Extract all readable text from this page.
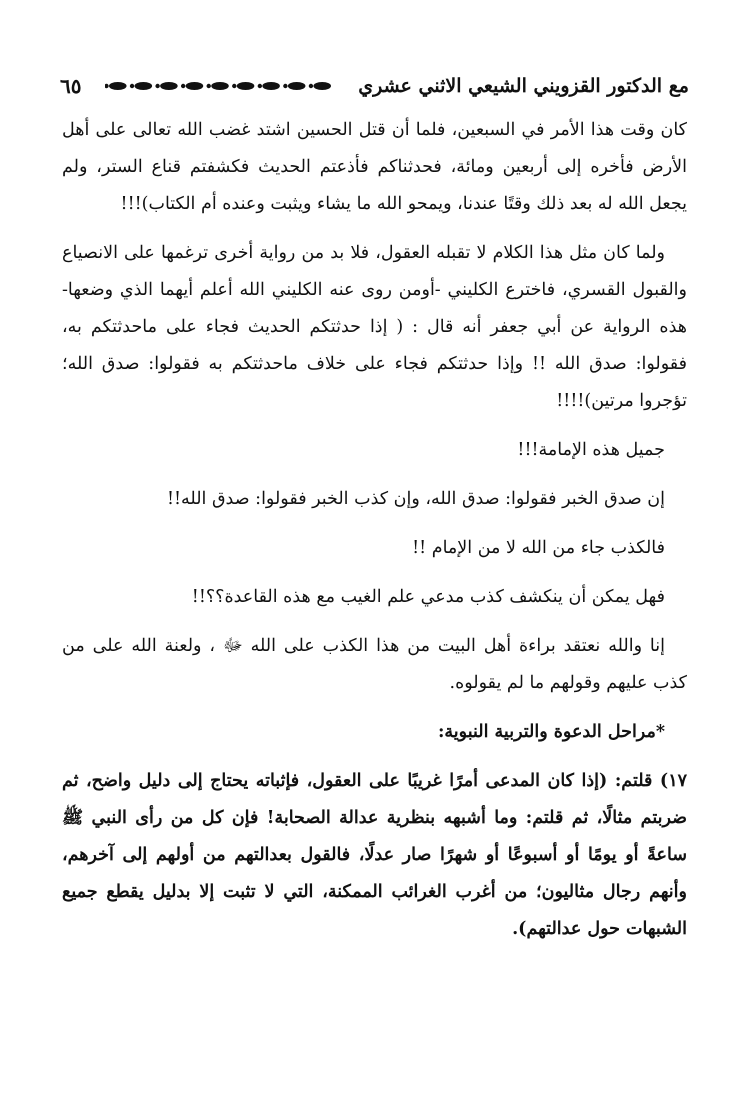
مع الدكتور القزويني الشيعي الاثني عشري
٦٥

كان وقت هذا الأمر في السبعين، فلما أن قتل الحسين اشتد غضب الله تعالى على أهل الأرض فأخره إلى أربعين ومائة، فحدثناكم فأذعتم الحديث فكشفتم قناع الستر، ولم يجعل الله له بعد ذلك وقتًا عندنا، ويمحو الله ما يشاء ويثبت وعنده أم الكتاب)!!!

ولما كان مثل هذا الكلام لا تقبله العقول، فلا بد من رواية أخرى ترغمها على الانصياع والقبول القسري، فاخترع الكليني -أومن روى عنه الكليني الله أعلم أيهما الذي وضعها- هذه الرواية عن أبي جعفر أنه قال : ( إذا حدثتكم الحديث فجاء على ماحدثتكم به، فقولوا: صدق الله !! وإذا حدثتكم فجاء على خلاف ماحدثتكم به فقولوا: صدق الله؛ تؤجروا مرتين)!!!!

جميل هذه الإمامة!!!

إن صدق الخبر فقولوا: صدق الله، وإن كذب الخبر فقولوا: صدق الله!!

فالكذب جاء من الله لا من الإمام !!

فهل يمكن أن ينكشف كذب مدعي علم الغيب مع هذه القاعدة؟؟!!

إنا والله نعتقد براءة أهل البيت من هذا الكذب على الله ﷻ ، ولعنة الله على من كذب عليهم وقولهم ما لم يقولوه.

*مراحل الدعوة والتربية النبوية:

١٧) قلتم: (إذا كان المدعى أمرًا غريبًا على العقول، فإثباته يحتاج إلى دليل واضح، ثم ضربتم مثالًا، ثم قلتم: وما أشبهه بنظرية عدالة الصحابة! فإن كل من رأى النبي ﷺ ساعةً أو يومًا أو أسبوعًا أو شهرًا صار عدلًا، فالقول بعدالتهم من أولهم إلى آخرهم، وأنهم رجال مثاليون؛ من أغرب الغرائب الممكنة، التي لا تثبت إلا بدليل يقطع جميع الشبهات حول عدالتهم).
